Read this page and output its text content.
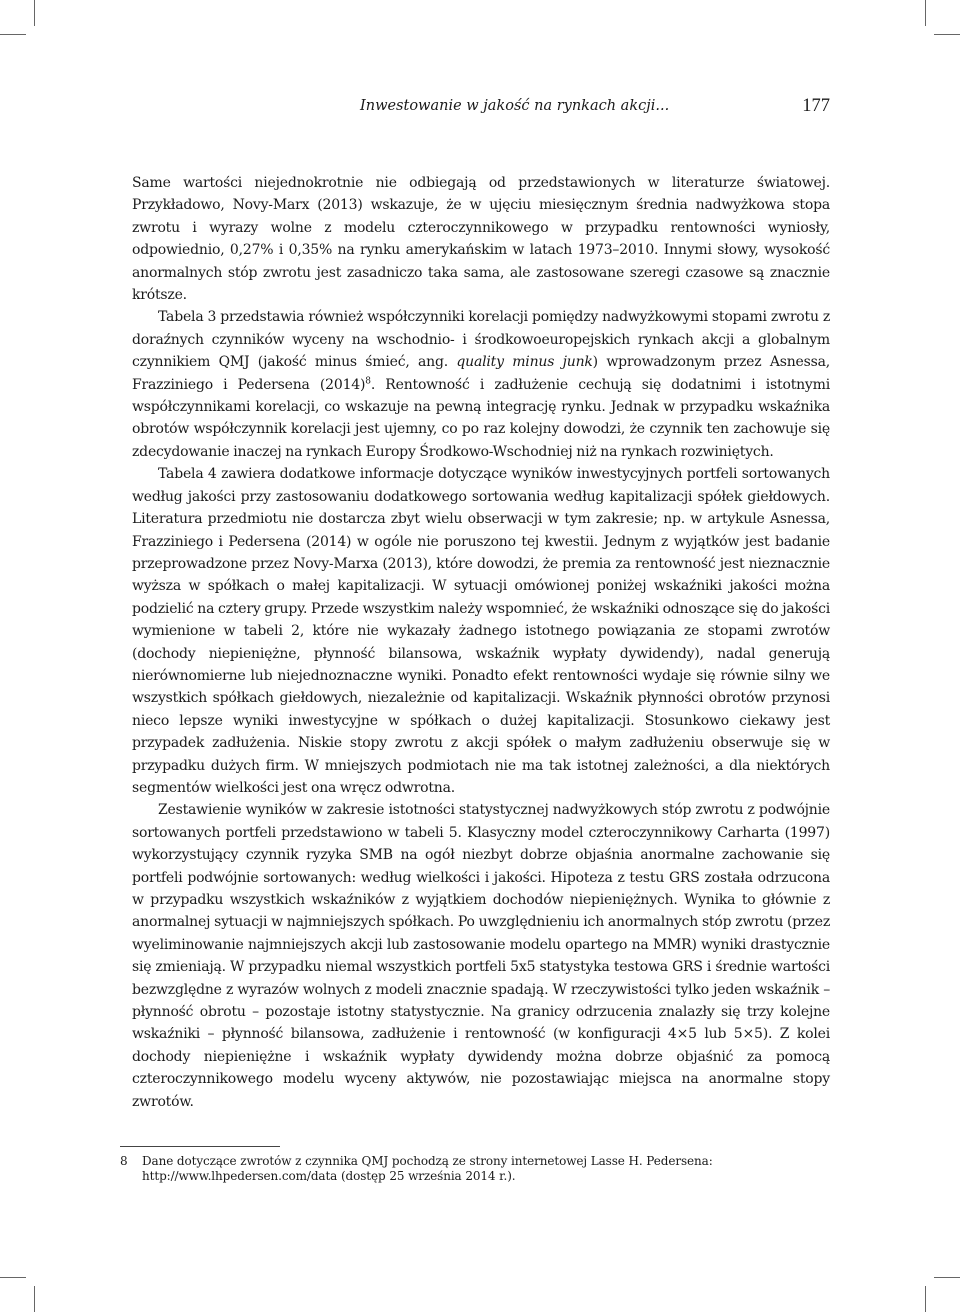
Inwestowanie w jakość na rynkach akcji...	177

Same wartości niejednokrotnie nie odbiegają od przedstawionych w literaturze światowej. Przykładowo, Novy-Marx (2013) wskazuje, że w ujęciu miesięcznym średnia nadwyżkowa stopa zwrotu i wyrazy wolne z modelu czteroczynnikowego w przypadku rentowności wyniosły, odpowiednio, 0,27% i 0,35% na rynku amerykańskim w latach 1973–2010. Innymi słowy, wysokość anormalnych stóp zwrotu jest zasadniczo taka sama, ale zastosowane szeregi czasowe są znacznie krótsze.

Tabela 3 przedstawia również współczynniki korelacji pomiędzy nadwyżkowymi stopami zwrotu z doraźnych czynników wyceny na wschodnio- i środkowoeuropejskich rynkach akcji a globalnym czynnikiem QMJ (jakość minus śmieć, ang. quality minus junk) wprowadzonym przez Asnessa, Frazziniego i Pedersena $(2014)^8$. Rentowność i zadłużenie cechują się dodatnimi i istotnymi współczynnikami korelacji, co wskazuje na pewną integrację rynku. Jednak w przypadku wskaźnika obrotów współczynnik korelacji jest ujemny, co po raz kolejny dowodzi, że czynnik ten zachowuje się zdecydowanie inaczej na rynkach Europy Środkowo-Wschodniej niż na rynkach rozwiniętych.

Tabela 4 zawiera dodatkowe informacje dotyczące wyników inwestycyjnych portfeli sortowanych według jakości przy zastosowaniu dodatkowego sortowania według kapitalizacji spółek giełdowych. Literatura przedmiotu nie dostarcza zbyt wielu obserwacji w tym zakresie; np. w artykule Asnessa, Frazziniego i Pedersena (2014) w ogóle nie poruszono tej kwestii. Jednym z wyjątków jest badanie przeprowadzone przez Novy-Marxa (2013), które dowodzi, że premia za rentowność jest nieznacznie wyższa w spółkach o małej kapitalizacji. W sytuacji omówionej poniżej wskaźniki jakości można podzielić na cztery grupy. Przede wszystkim należy wspomnieć, że wskaźniki odnoszące się do jakości wymienione w tabeli 2, które nie wykazały żadnego istotnego powiązania ze stopami zwrotów (dochody niepieniężne, płynność bilansowa, wskaźnik wypłaty dywidendy), nadal generują nierównomierne lub niejednoznaczne wyniki. Ponadto efekt rentowności wydaje się równie silny we wszystkich spółkach giełdowych, niezależnie od kapitalizacji. Wskaźnik płynności obrotów przynosi nieco lepsze wyniki inwestycyjne w spółkach o dużej kapitalizacji. Stosunkowo ciekawy jest przypadek zadłużenia. Niskie stopy zwrotu z akcji spółek o małym zadłużeniu obserwuje się w przypadku dużych firm. W mniejszych podmiotach nie ma tak istotnej zależności, a dla niektórych segmentów wielkości jest ona wręcz odwrotna.

Zestawienie wyników w zakresie istotności statystycznej nadwyżkowych stóp zwrotu z podwójnie sortowanych portfeli przedstawiono w tabeli 5. Klasyczny model czteroczynnikowy Carharta (1997) wykorzystujący czynnik ryzyka SMB na ogół niezbyt dobrze objaśnia anormalne zachowanie się portfeli podwójnie sortowanych: według wielkości i jakości. Hipoteza z testu GRS została odrzucona w przypadku wszystkich wskaźników z wyjątkiem dochodów niepieniężnych. Wynika to głównie z anormalnej sytuacji w najmniejszych spółkach. Po uwzględnieniu ich anormalnych stóp zwrotu (przez wyeliminowanie najmniejszych akcji lub zastosowanie modelu opartego na MMR) wyniki drastycznie się zmieniają. W przypadku niemal wszystkich portfeli 5x5 statystyka testowa GRS i średnie wartości bezwzględne z wyrazów wolnych z modeli znacznie spadają. W rzeczywistości tylko jeden wskaźnik – płynność obrotu – pozostaje istotny statystycznie. Na granicy odrzucenia znalazły się trzy kolejne wskaźniki – płynność bilansowa, zadłużenie i rentowność (w konfiguracji 4×5 lub 5×5). Z kolei dochody niepieniężne i wskaźnik wypłaty dywidendy można dobrze objaśnić za pomocą czteroczynnikowego modelu wyceny aktywów, nie pozostawiając miejsca na anormalne stopy zwrotów.

8 Dane dotyczące zwrotów z czynnika QMJ pochodzą ze strony internetowej Lasse H. Pedersena: http://www.lhpedersen.com/data (dostęp 25 września 2014 r.).
